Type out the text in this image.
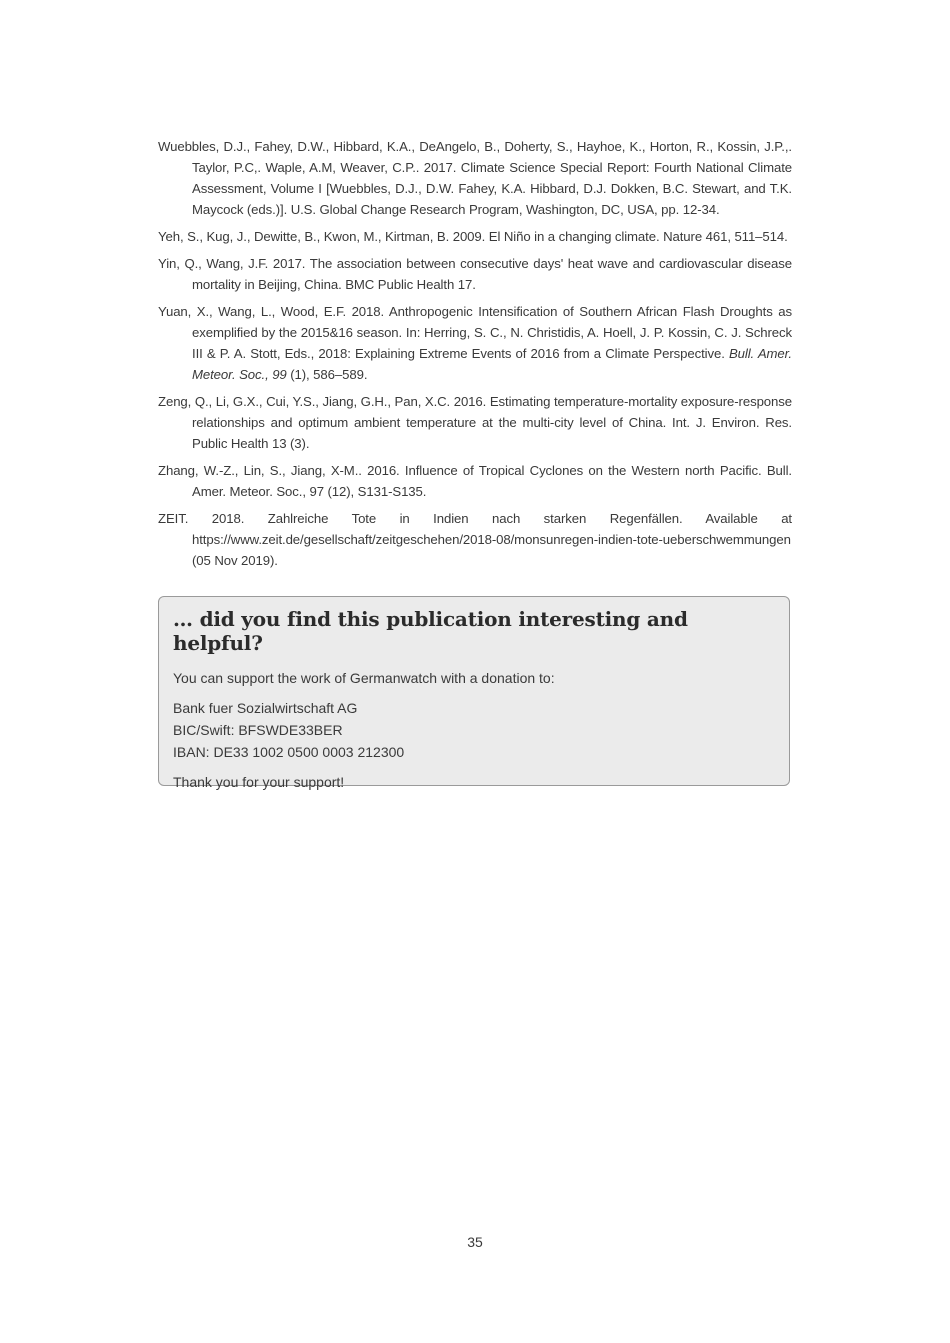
Wuebbles, D.J., Fahey, D.W., Hibbard, K.A., DeAngelo, B., Doherty, S., Hayhoe, K., Horton, R., Kossin, J.P.,. Taylor, P.C,. Waple, A.M, Weaver, C.P.. 2017. Climate Science Special Report: Fourth National Climate Assessment, Volume I [Wuebbles, D.J., D.W. Fahey, K.A. Hibbard, D.J. Dokken, B.C. Stewart, and T.K. Maycock (eds.)]. U.S. Global Change Research Program, Washington, DC, USA, pp. 12-34.

Yeh, S., Kug, J., Dewitte, B., Kwon, M., Kirtman, B. 2009. El Niño in a changing climate. Nature 461, 511–514.

Yin, Q., Wang, J.F. 2017. The association between consecutive days' heat wave and cardiovascular disease mortality in Beijing, China. BMC Public Health 17.

Yuan, X., Wang, L., Wood, E.F. 2018. Anthropogenic Intensification of Southern African Flash Droughts as exemplified by the 2015&16 season. In: Herring, S. C., N. Christidis, A. Hoell, J. P. Kossin, C. J. Schreck III & P. A. Stott, Eds., 2018: Explaining Extreme Events of 2016 from a Climate Perspective. Bull. Amer. Meteor. Soc., 99 (1), 586–589.

Zeng, Q., Li, G.X., Cui, Y.S., Jiang, G.H., Pan, X.C. 2016. Estimating temperature-mortality exposure-response relationships and optimum ambient temperature at the multi-city level of China. Int. J. Environ. Res. Public Health 13 (3).

Zhang, W.-Z., Lin, S., Jiang, X-M.. 2016. Influence of Tropical Cyclones on the Western north Pacific. Bull. Amer. Meteor. Soc., 97 (12), S131-S135.

ZEIT. 2018. Zahlreiche Tote in Indien nach starken Regenfällen. Available at https://www.zeit.de/gesellschaft/zeitgeschehen/2018-08/monsunregen-indien-tote-ueberschwemmungen (05 Nov 2019).

… did you find this publication interesting and helpful?

You can support the work of Germanwatch with a donation to:

Bank fuer Sozialwirtschaft AG
BIC/Swift: BFSWDE33BER
IBAN: DE33 1002 0500 0003 212300

Thank you for your support!

35
